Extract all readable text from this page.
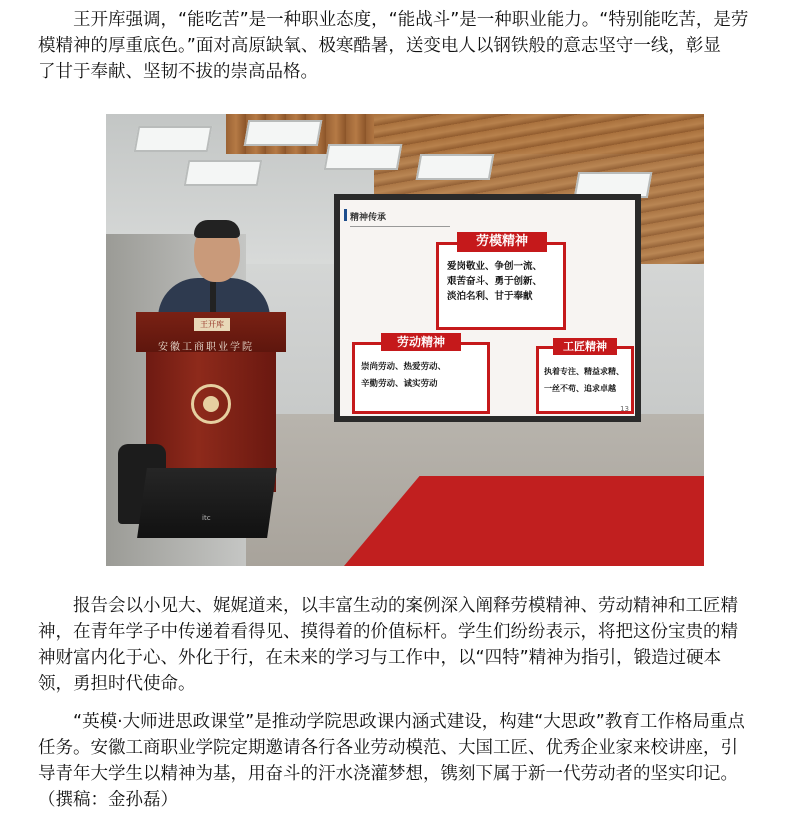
王开库强调，“能吃苦”是一种职业态度，“能战斗”是一种职业能力。“特别能吃苦，是劳
模精神的厚重底色。”面对高原缺氧、极寒酷暑，送变电人以钢铁般的意志坚守一线，彰显
了甘于奉献、坚韧不拔的崇高品格。

精神传承
劳模精神
爱岗敬业、争创一流、
艰苦奋斗、勇于创新、
淡泊名利、甘于奉献
劳动精神
崇尚劳动、热爱劳动、
辛勤劳动、诚实劳动
工匠精神
执着专注、精益求精、
一丝不苟、追求卓越
13
王开库
安徽工商职业学院
itc

报告会以小见大、娓娓道来，以丰富生动的案例深入阐释劳模精神、劳动精神和工匠精
神，在青年学子中传递着看得见、摸得着的价值标杆。学生们纷纷表示，将把这份宝贵的精
神财富内化于心、外化于行，在未来的学习与工作中，以“四特”精神为指引，锻造过硬本
领，勇担时代使命。

“英模·大师进思政课堂”是推动学院思政课内涵式建设，构建“大思政”教育工作格局重点
任务。安徽工商职业学院定期邀请各行各业劳动模范、大国工匠、优秀企业家来校讲座，引
导青年大学生以精神为基，用奋斗的汗水浇灌梦想，镌刻下属于新一代劳动者的坚实印记。
（撰稿：金孙磊）
